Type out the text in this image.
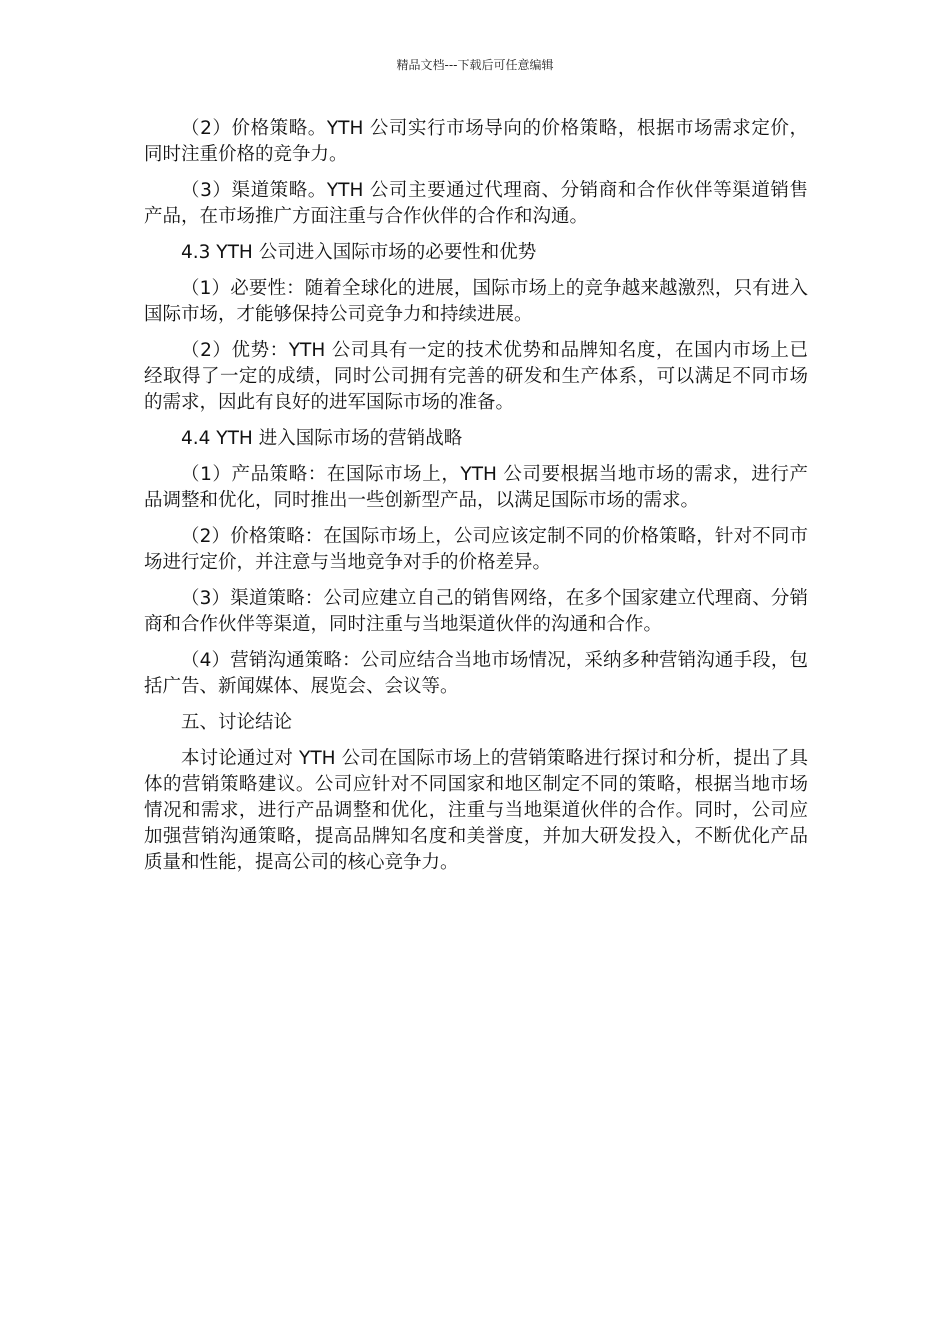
精品文档---下载后可任意编辑

（2）价格策略。YTH 公司实行市场导向的价格策略，根据市场需求定价，同时注重价格的竞争力。

（3）渠道策略。YTH 公司主要通过代理商、分销商和合作伙伴等渠道销售产品，在市场推广方面注重与合作伙伴的合作和沟通。

4.3 YTH 公司进入国际市场的必要性和优势

（1）必要性：随着全球化的进展，国际市场上的竞争越来越激烈，只有进入国际市场，才能够保持公司竞争力和持续进展。

（2）优势：YTH 公司具有一定的技术优势和品牌知名度，在国内市场上已经取得了一定的成绩，同时公司拥有完善的研发和生产体系，可以满足不同市场的需求，因此有良好的进军国际市场的准备。

4.4 YTH 进入国际市场的营销战略

（1）产品策略：在国际市场上，YTH 公司要根据当地市场的需求，进行产品调整和优化，同时推出一些创新型产品，以满足国际市场的需求。

（2）价格策略：在国际市场上，公司应该定制不同的价格策略，针对不同市场进行定价，并注意与当地竞争对手的价格差异。

（3）渠道策略：公司应建立自己的销售网络，在多个国家建立代理商、分销商和合作伙伴等渠道，同时注重与当地渠道伙伴的沟通和合作。

（4）营销沟通策略：公司应结合当地市场情况，采纳多种营销沟通手段，包括广告、新闻媒体、展览会、会议等。

五、讨论结论

本讨论通过对 YTH 公司在国际市场上的营销策略进行探讨和分析，提出了具体的营销策略建议。公司应针对不同国家和地区制定不同的策略，根据当地市场情况和需求，进行产品调整和优化，注重与当地渠道伙伴的合作。同时，公司应加强营销沟通策略，提高品牌知名度和美誉度，并加大研发投入，不断优化产品质量和性能，提高公司的核心竞争力。
